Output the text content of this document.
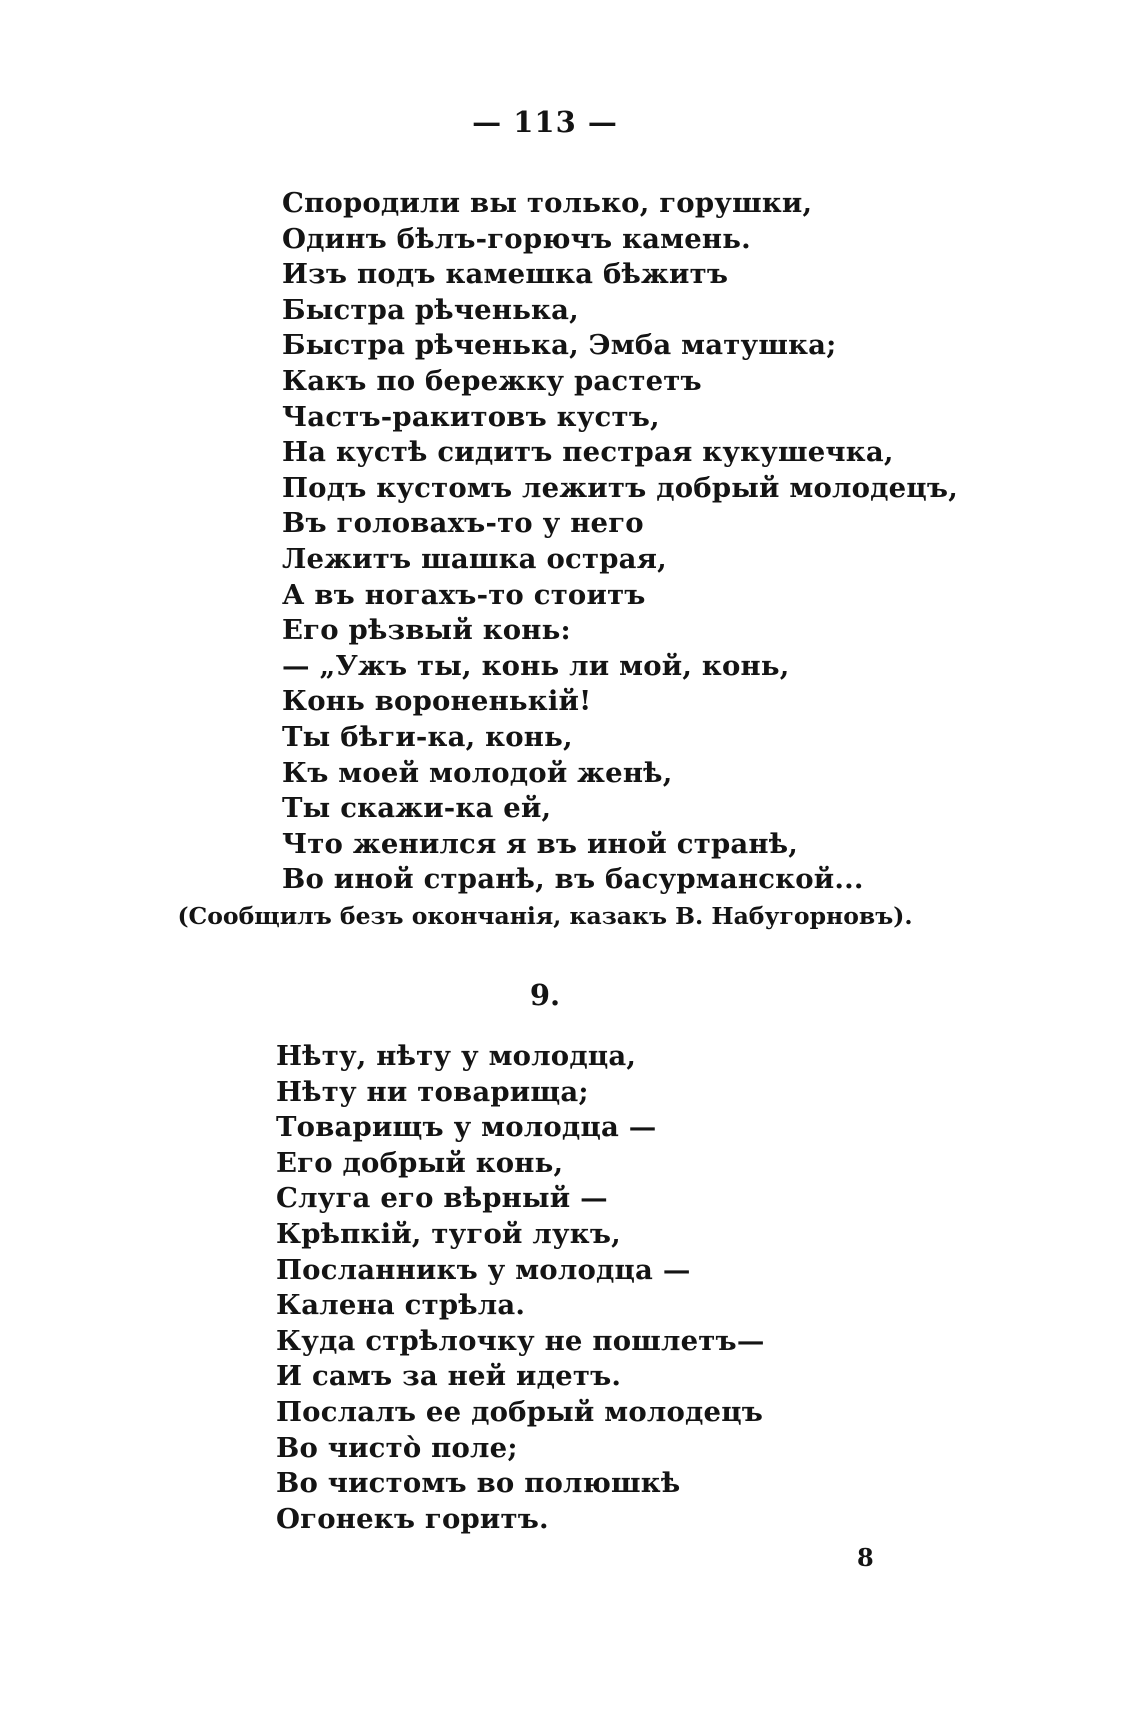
— 113 —
Спородили вы только, горушки,
Одинъ бѣлъ-горючъ камень.
Изъ подъ камешка бѣжитъ
Быстра рѣченька,
Быстра рѣченька, Эмба матушка;
Какъ по бережку растетъ
Частъ-ракитовъ кустъ,
На кустѣ сидитъ пестрая кукушечка,
Подъ кустомъ лежитъ добрый молодецъ,
Въ головахъ-то у него
Лежитъ шашка острая,
А въ ногахъ-то стоитъ
Его рѣзвый конь:
— „Ужъ ты, конь ли мой, конь,
Конь вороненькій!
Ты бѣги-ка, конь,
Къ моей молодой женѣ,
Ты скажи-ка ей,
Что женился я въ иной странѣ,
Во иной странѣ, въ басурманской...
(Сообщилъ безъ окончанія, казакъ В. Набугорновъ).
9.
Нѣту, нѣту у молодца,
Нѣту ни товарища;
Товарищъ у молодца —
Его добрый конь,
Слуга его вѣрный —
Крѣпкій, тугой лукъ,
Посланникъ у молодца —
Калена стрѣла.
Куда стрѣлочку не пошлетъ—
И самъ за ней идетъ.
Послалъ ее добрый молодецъ
Во чистò поле;
Во чистомъ во полюшкѣ
Огонекъ горитъ.
8
